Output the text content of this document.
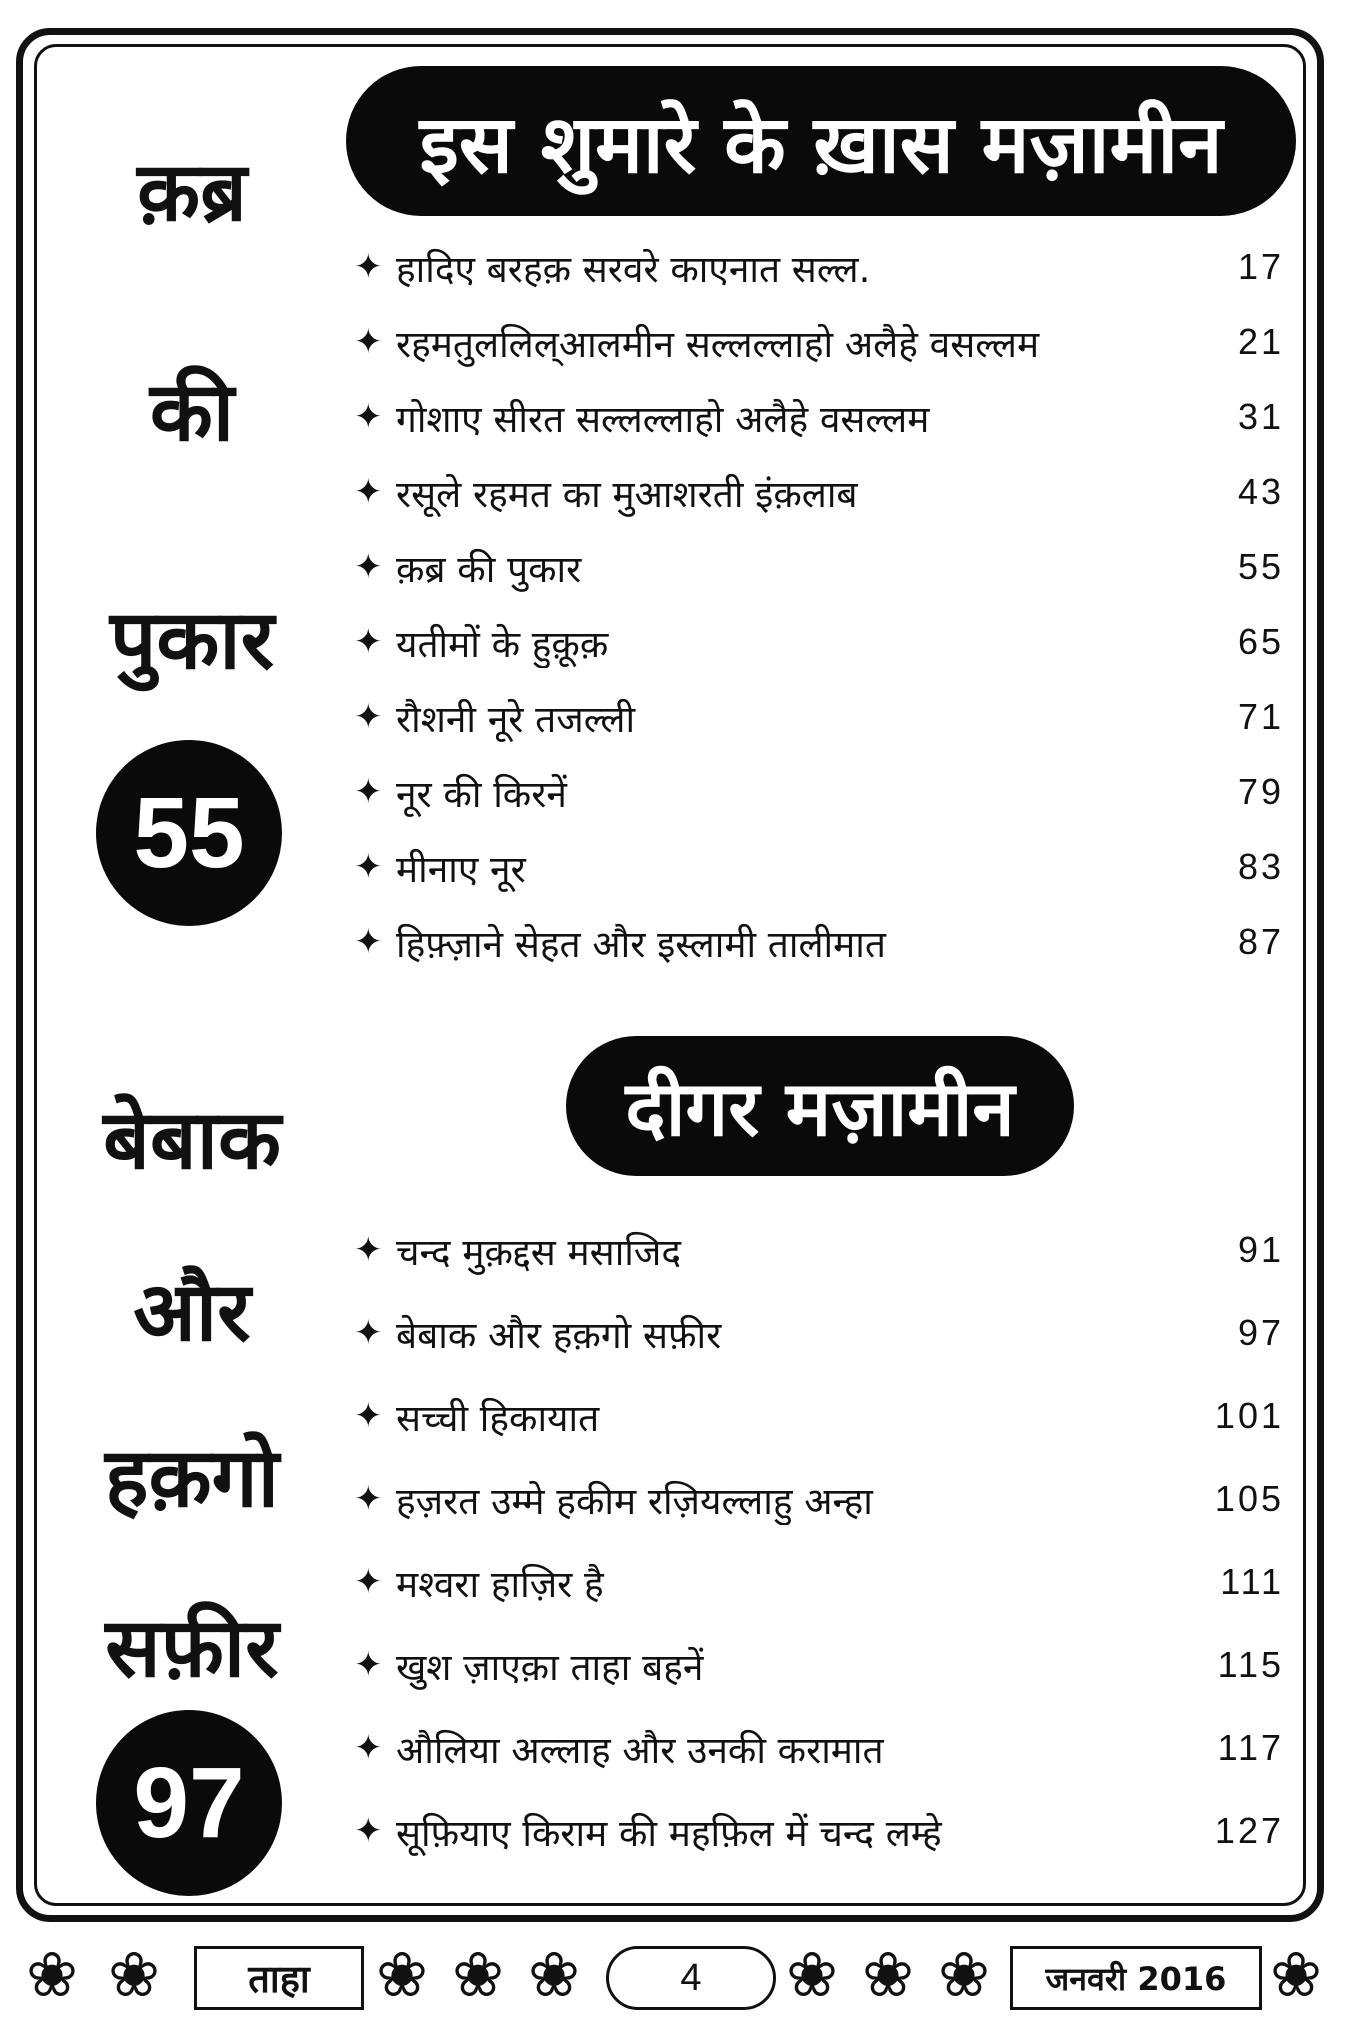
क़ब्र
की
पुकार
55
बेबाक
और
हक़गो
सफ़ीर
97
इस शुमारे के ख़ास मज़ामीन
✦ हादिए बरहक़ सरवरे काएनात सल्ल.	17
✦ रहमतुललिल्आलमीन सल्लल्लाहो अलैहे वसल्लम	21
✦ गोशाए सीरत सल्लल्लाहो अलैहे वसल्लम	31
✦ रसूले रहमत का मुआशरती इंक़लाब	43
✦ क़ब्र की पुकार	55
✦ यतीमों के हुक़ूक़	65
✦ रौशनी नूरे तजल्ली	71
✦ नूर की किरनें	79
✦ मीनाए नूर	83
✦ हिफ़्ज़ाने सेहत और इस्लामी तालीमात	87
दीगर मज़ामीन
✦ चन्द मुक़द्दस मसाजिद	91
✦ बेबाक और हक़गो सफ़ीर	97
✦ सच्ची हिकायात	101
✦ हज़रत उम्मे हकीम रज़ियल्लाहु अन्हा	105
✦ मश्वरा हाज़िर है	111
✦ खुश ज़ाएक़ा ताहा बहनें	115
✦ औलिया अल्लाह और उनकी करामात	117
✦ सूफ़ियाए किराम की महफ़िल में चन्द लम्हे	127
❀ ❀	ताहा	❀ ❀ ❀	4	❀ ❀ ❀	जनवरी 2016 ❀
